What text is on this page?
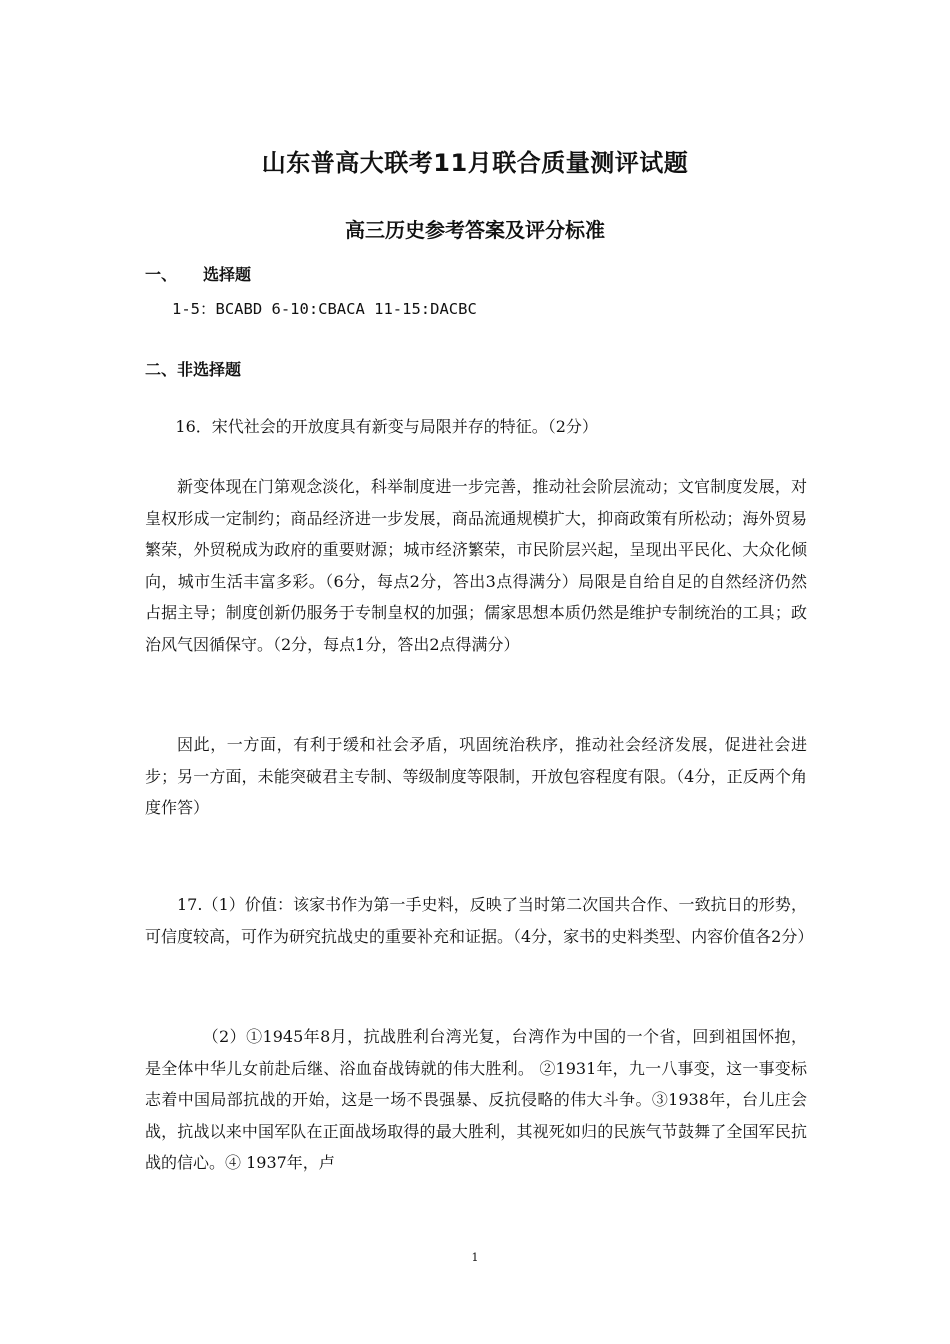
山东普高大联考11月联合质量测评试题
高三历史参考答案及评分标准
一、 选择题
1-5：BCABD 6-10:CBACA 11-15:DACBC
二、非选择题
16．宋代社会的开放度具有新变与局限并存的特征。（2分）
新变体现在门第观念淡化，科举制度进一步完善，推动社会阶层流动；文官制度发展，对皇权形成一定制约；商品经济进一步发展，商品流通规模扩大，抑商政策有所松动；海外贸易繁荣，外贸税成为政府的重要财源；城市经济繁荣，市民阶层兴起，呈现出平民化、大众化倾向，城市生活丰富多彩。（6分，每点2分，答出3点得满分）局限是自给自足的自然经济仍然占据主导；制度创新仍服务于专制皇权的加强；儒家思想本质仍然是维护专制统治的工具；政治风气因循保守。（2分，每点1分，答出2点得满分）
因此，一方面，有利于缓和社会矛盾，巩固统治秩序，推动社会经济发展，促进社会进步；另一方面，未能突破君主专制、等级制度等限制，开放包容程度有限。（4分，正反两个角度作答）
17.（1）价值：该家书作为第一手史料，反映了当时第二次国共合作、一致抗日的形势，可信度较高，可作为研究抗战史的重要补充和证据。（4分，家书的史料类型、内容价值各2分）
（2）①1945年8月，抗战胜利台湾光复，台湾作为中国的一个省，回到祖国怀抱，是全体中华儿女前赴后继、浴血奋战铸就的伟大胜利。 ②1931年，九一八事变，这一事变标志着中国局部抗战的开始，这是一场不畏强暴、反抗侵略的伟大斗争。③1938年，台儿庄会战，抗战以来中国军队在正面战场取得的最大胜利，其视死如归的民族气节鼓舞了全国军民抗战的信心。④ 1937年，卢
1
